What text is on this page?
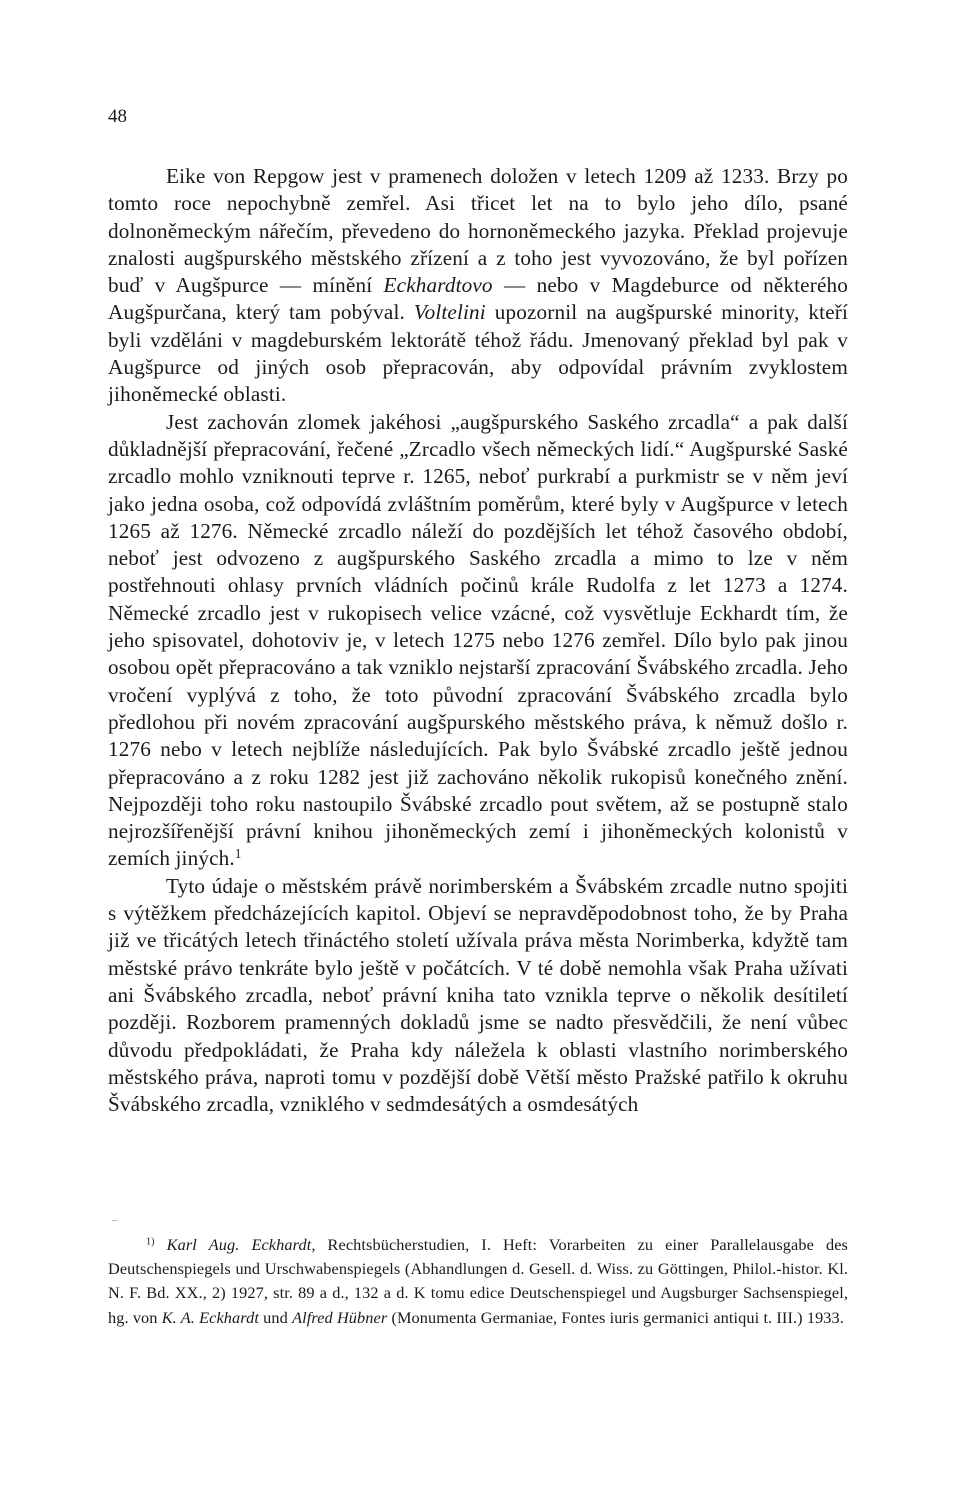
48

Eike von Repgow jest v pramenech doložen v letech 1209 až 1233. Brzy po tomto roce nepochybně zemřel. Asi třicet let na to bylo jeho dílo, psané dolnoněmeckým nářečím, převedeno do hornoněmeckého jazyka. Překlad projevuje znalosti augšpurského městského zřízení a z toho jest vyvozováno, že byl pořízen buď v Augšpurce — mínění Eckhardtovo — nebo v Magdeburce od některého Augšpurčana, který tam pobýval. Voltelini upozornil na augšpurské minority, kteří byli vzděláni v magdeburském lektorátě téhož řádu. Jmenovaný překlad byl pak v Augšpurce od jiných osob přepracován, aby odpovídal právním zvyklostem jihoněmecké oblasti.

Jest zachován zlomek jakéhosi „augšpurského Saského zrcadla“ a pak další důkladnější přepracování, řečené „Zrcadlo všech německých lidí.“ Augšpurské Saské zrcadlo mohlo vzniknouti teprve r. 1265, neboť purkrabí a purkmistr se v něm jeví jako jedna osoba, což odpovídá zvláštním poměrům, které byly v Augšpurce v letech 1265 až 1276. Německé zrcadlo náleží do pozdějších let téhož časového období, neboť jest odvozeno z augšpurského Saského zrcadla a mimo to lze v něm postřehnouti ohlasy prvních vládních počinů krále Rudolfa z let 1273 a 1274. Německé zrcadlo jest v rukopisech velice vzácné, což vysvětluje Eckhardt tím, že jeho spisovatel, dohotoviv je, v letech 1275 nebo 1276 zemřel. Dílo bylo pak jinou osobou opět přepracováno a tak vzniklo nejstarší zpracování Švábského zrcadla. Jeho vročení vyplývá z toho, že toto původní zpracování Švábského zrcadla bylo předlohou při novém zpracování augšpurského městského práva, k němuž došlo r. 1276 nebo v letech nejblíže následujících. Pak bylo Švábské zrcadlo ještě jednou přepracováno a z roku 1282 jest již zachováno několik rukopisů konečného znění. Nejpozději toho roku nastoupilo Švábské zrcadlo pout světem, až se postupně stalo nejrozšířenější právní knihou jihoněmeckých zemí i jihoněmeckých kolonistů v zemích jiných.$^1$

Tyto údaje o městském právě norimberském a Švábském zrcadle nutno spojiti s výtěžkem předcházejících kapitol. Objeví se nepravděpodobnost toho, že by Praha již ve třicátých letech třináctého století užívala práva města Norimberka, kdyžtě tam městské právo tenkráte bylo ještě v počátcích. V té době nemohla však Praha užívati ani Švábského zrcadla, neboť právní kniha tato vznikla teprve o několik desítiletí později. Rozborem pramenných dokladů jsme se nadto přesvědčili, že není vůbec důvodu předpokládati, že Praha kdy náležela k oblasti vlastního norimberského městského práva, naproti tomu v pozdější době Větší město Pražské patřilo k okruhu Švábského zrcadla, vzniklého v sedmdesátých a osmdesátých

$^{1)}$ Karl Aug. Eckhardt, Rechtsbücherstudien, I. Heft: Vorarbeiten zu einer Parallelausgabe des Deutschenspiegels und Urschwabenspiegels (Abhandlungen d. Gesell. d. Wiss. zu Göttingen, Philol.-histor. Kl. N. F. Bd. XX., 2) 1927, str. 89 a d., 132 a d. K tomu edice Deutschenspiegel und Augsburger Sachsenspiegel, hg. von K. A. Eckhardt und Alfred Hübner (Monumenta Germaniae, Fontes iuris germanici antiqui t. III.) 1933.
